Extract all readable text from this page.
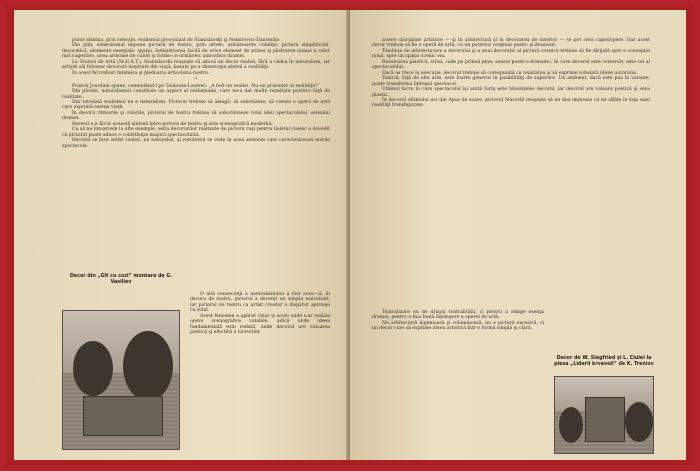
putut elimina, prin selecţie, realismul preconizat de Stanislavski şi Nemirovici-Dancenko.

Din plin, simbolismul impune picturii de teatru, prin artele, următoarele condiţii: pictura simplificată, decorativă, elemente esenţiale, spaţiu, îndepărtarea facilă de orice element de prisos şi păstrarea numai a celor mai sugestive, acea armonie de culori şi forme ce urmăresc atmosfera dramei.

La Teatrul de Artă (M.H.A.T.), Stanislavski reuşeşte să aducă un decor realist, fără a cădea în naturalism, iar artiştii săi folosesc decoruri inspirate din viaţă, bazate pe o observaţie atentă a realităţii.

În acest fel treburi întemeia şi pledoaria articolului nostru.

•

Franck Jourdain spune, comentând-l pe Toulouse-Lautrec: „A fost un realist. Nu un prizonier al realităţii!”

Din păcate, naturalismul constituie un aspect al realismului, care ne-a dat multe rezultate pozitive faţă de realitate.

Dar totodată realismul nu e naturalism. Pictorul trebuie să aleagă, să sintetizeze, să creeze o operă de artă care exprimă esenţa vieţii.

În decoru ritmurile şi culorile, pictorul de teatru trebuie să subordoneze totul ideii spectacolului, sensului dramei.

Rareori s-a făcut această sinteză între pictura de teatru şi arta scenografică modernă.

Ca să ne întoarcem la alte exemple, seria decorurilor realizate de pictorii ruşi pentru baletul rusesc a dovedit că pictorul poate aduce o contribuţie majoră spectacolului.

Decorul se face astfel realist, nu naturalist, şi rezultatul se vede în acea armonie care caracterizează marile spectacole.

Decor din „Gît cu cozi” montare de G. Vasiliev

O altă consecinţă a naturalismului a fost acea că, în decoru de teatru, pictorul a devenit un simplu executant, iar pictorul de teatru ca artist creator a dispărut aproape cu totul.

Acest fenomen a apărut chiar şi acolo unde s-ar realiza opere scenografice valabile, adică unde ideea fundamentală este redată, unde decorul are valoarea poetică şi efectivă a lucrurilor.

aceste discipline artistice — şi în arhitectură şi în decorarea de interior — se pot crea capodopere. Dar acest decor trebuie să fie o operă de artă, cu un puternic conţinut poetic şi dramatic.

Tendinţa de arhitecturare a decorului şi a unui decorativ al picturii scenice trebuie să fie dirijată spre o concepţie nouă, spre un spaţiu scenic viu.

Rezolvarea plastică, stilul, cade pe primul plan; sensul poetico-dramatic, în care decorul este construit, este cel al spectacolului.

Dacă se trece la execuţie, decorul trebuie să corespundă cu realitatea şi să exprime totodată ideile autorului.

Teatrul, faţă de alte arte, este foarte generos în posibilităţi de superare. Un ambient, dacă este pus în valoare, poate transforma întregul spectacol.

Ultimul lucru în care spectacolul îşi arată forţa este bineînţeles decorul, iar decorul are valoare poetică şi sens plastic.

În decorul ultimului act din Apus de soare, pictorul Marcelli reuşeşte să ne dea impresia că ne aflăm în faţa unei realităţi transfigurate.

Teatralizare nu de dragul teatralităţii, ci pentru a atinge esenţa dramei, pentru o mai bună înţelegere a operei de artă.

Nu arhitectură ingenioasă şi voluminoasă, nu o pictură excesivă, ci un decor care să exprime ideea artistică într-o formă simplă şi clară.

Decor de W. Siegfried şi L. Ciulei la piesa „Liderii krvavoii” de K. Treniov
